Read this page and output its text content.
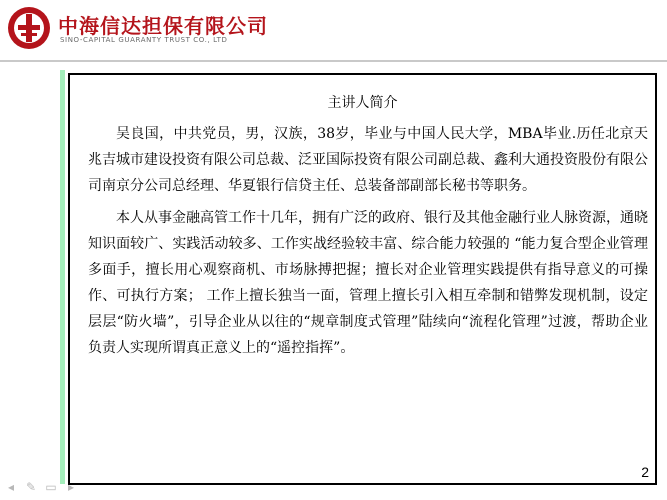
中海信达担保有限公司
SINO-CAPITAL GUARANTY TRUST CO., LTD
主讲人简介

吴良国，中共党员，男，汉族，38岁，毕业与中国人民大学，MBA毕业.历任北京天兆吉城市建设投资有限公司总裁、泛亚国际投资有限公司副总裁、鑫利大通投资股份有限公司南京分公司总经理、华夏银行信贷主任、总装备部副部长秘书等职务。

本人从事金融高管工作十几年，拥有广泛的政府、银行及其他金融行业人脉资源，通晓知识面较广、实践活动较多、工作实战经验较丰富、综合能力较强的 “能力复合型企业管理多面手，擅长用心观察商机、市场脉搏把握；擅长对企业管理实践提供有指导意义的可操作、可执行方案； 工作上擅长独当一面，管理上擅长引入相互牵制和错弊发现机制，设定层层“防火墙”，引导企业从以往的“规章制度式管理”陆续向“流程化管理”过渡，帮助企业负责人实现所谓真正意义上的“遥控指挥”。

2
◂ ✎ ▭ ▸
